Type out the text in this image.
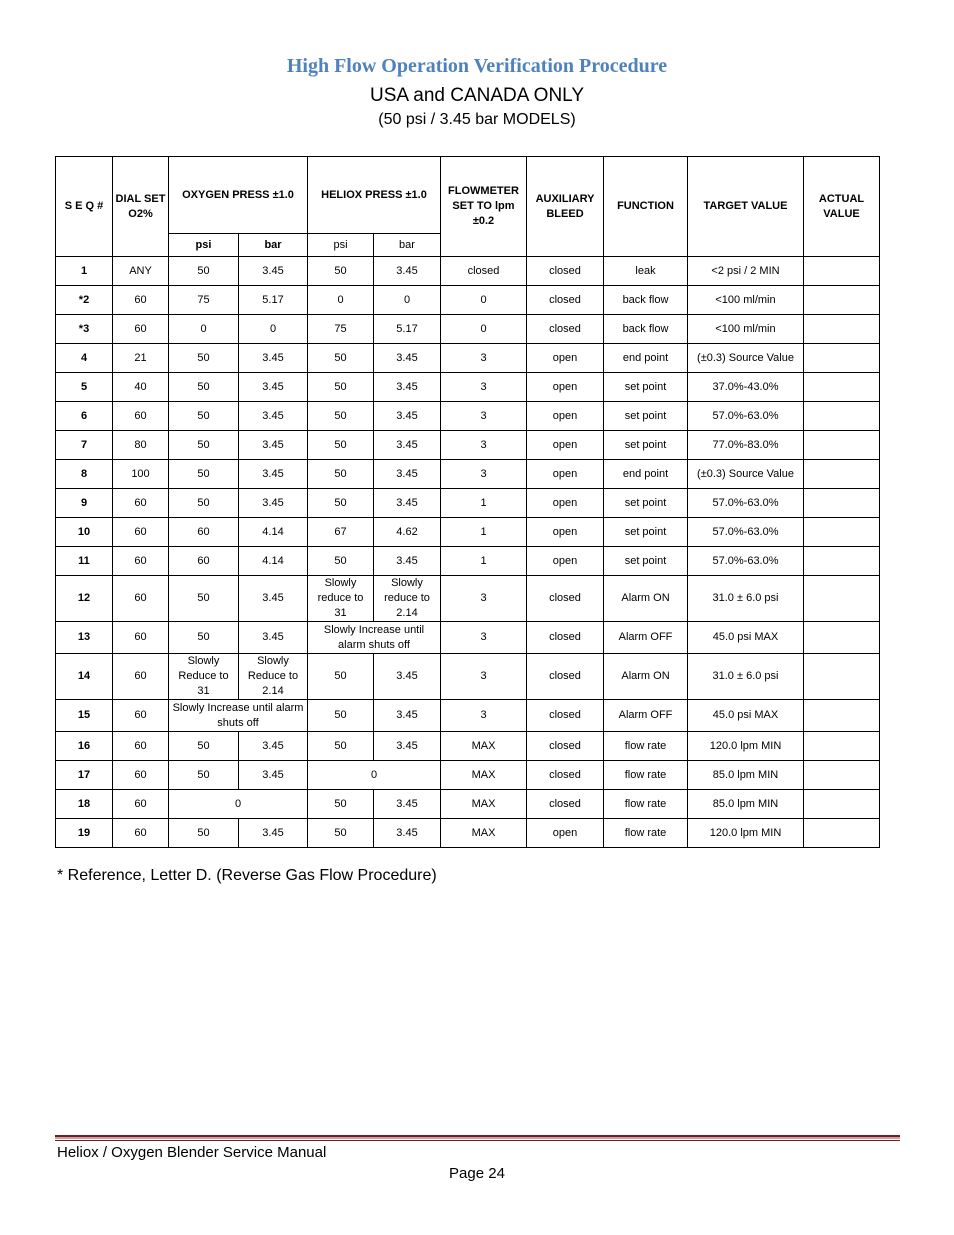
High Flow Operation Verification Procedure
USA and CANADA ONLY
(50 psi / 3.45 bar MODELS)
S E Q #	DIAL SET O2%	OXYGEN PRESS ±1.0		HELIOX PRESS ±1.0		FLOWMETER SET TO lpm ±0.2	AUXILIARY BLEED	FUNCTION	TARGET VALUE	ACTUAL VALUE
		psi	bar	psi	bar					
1	ANY	50	3.45	50	3.45	closed	closed	leak	<2 psi / 2 MIN	
*2	60	75	5.17	0	0	0	closed	back flow	<100 ml/min	
*3	60	0	0	75	5.17	0	closed	back flow	<100 ml/min	
4	21	50	3.45	50	3.45	3	open	end point	(±0.3) Source Value	
5	40	50	3.45	50	3.45	3	open	set point	37.0%-43.0%	
6	60	50	3.45	50	3.45	3	open	set point	57.0%-63.0%	
7	80	50	3.45	50	3.45	3	open	set point	77.0%-83.0%	
8	100	50	3.45	50	3.45	3	open	end point	(±0.3) Source Value	
9	60	50	3.45	50	3.45	1	open	set point	57.0%-63.0%	
10	60	60	4.14	67	4.62	1	open	set point	57.0%-63.0%	
11	60	60	4.14	50	3.45	1	open	set point	57.0%-63.0%	
12	60	50	3.45	Slowly reduce to 31	Slowly reduce to 2.14	3	closed	Alarm ON	31.0 ± 6.0 psi	
13	60	50	3.45	Slowly Increase until alarm shuts off		3	closed	Alarm OFF	45.0 psi MAX	
14	60	Slowly Reduce to 31	Slowly Reduce to 2.14	50	3.45	3	closed	Alarm ON	31.0 ± 6.0 psi	
15	60	Slowly Increase until alarm shuts off		50	3.45	3	closed	Alarm OFF	45.0 psi MAX	
16	60	50	3.45	50	3.45	MAX	closed	flow rate	120.0 lpm MIN	
17	60	50	3.45	0		MAX	closed	flow rate	85.0 lpm MIN	
18	60	0		50	3.45	MAX	closed	flow rate	85.0 lpm MIN	
19	60	50	3.45	50	3.45	MAX	open	flow rate	120.0 lpm MIN	
* Reference, Letter D. (Reverse Gas Flow Procedure)
Heliox / Oxygen Blender Service Manual
Page 24
